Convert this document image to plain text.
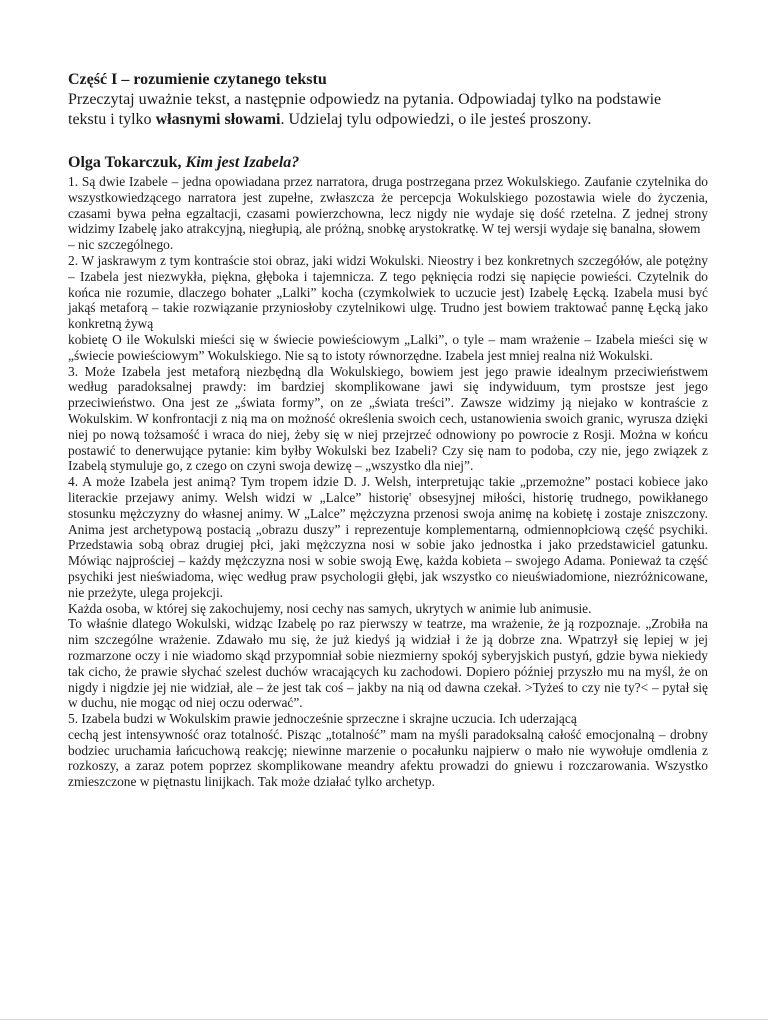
Część I – rozumienie czytanego tekstu

Przeczytaj uważnie tekst, a następnie odpowiedz na pytania. Odpowiadaj tylko na podstawie tekstu i tylko własnymi słowami. Udzielaj tylu odpowiedzi, o ile jesteś proszony.

Olga Tokarczuk, Kim jest Izabela?

1. Są dwie Izabele – jedna opowiadana przez narratora, druga postrzegana przez Wokulskiego. Zaufanie czytelnika do wszystkowiedzącego narratora jest zupełne, zwłaszcza że percepcja Wokulskiego pozostawia wiele do życzenia, czasami bywa pełna egzaltacji, czasami powierzchowna, lecz nigdy nie wydaje się dość rzetelna. Z jednej strony widzimy Izabelę jako atrakcyjną, niegłupią, ale próżną, snobkę arystokratkę. W tej wersji wydaje się banalna, słowem

– nic szczególnego.

2. W jaskrawym z tym kontraście stoi obraz, jaki widzi Wokulski. Nieostry i bez konkretnych szczegółów, ale potężny – Izabela jest niezwykła, piękna, głęboka i tajemnicza. Z tego pęknięcia rodzi się napięcie powieści. Czytelnik do końca nie rozumie, dlaczego bohater „Lalki” kocha (czymkolwiek to uczucie jest) Izabelę Łęcką. Izabela musi być jakąś metaforą – takie rozwiązanie przyniosłoby czytelnikowi ulgę. Trudno jest bowiem traktować pannę Łęcką jako konkretną żywą

kobietę O ile Wokulski mieści się w świecie powieściowym „Lalki”, o tyle – mam wrażenie – Izabela mieści się w „świecie powieściowym” Wokulskiego. Nie są to istoty równorzędne. Izabela jest mniej realna niż Wokulski.

3. Może Izabela jest metaforą niezbędną dla Wokulskiego, bowiem jest jego prawie idealnym przeciwieństwem według paradoksalnej prawdy: im bardziej skomplikowane jawi się indywiduum, tym prostsze jest jego przeciwieństwo. Ona jest ze „świata formy”, on ze „świata treści”. Zawsze widzimy ją niejako w kontraście z Wokulskim. W konfrontacji z nią ma on możność określenia swoich cech, ustanowienia swoich granic, wyrusza dzięki niej po nową tożsamość i wraca do niej, żeby się w niej przejrzeć odnowiony po powrocie z Rosji. Można w końcu postawić to denerwujące pytanie: kim byłby Wokulski bez Izabeli? Czy się nam to podoba, czy nie, jego związek z Izabelą stymuluje go, z czego on czyni swoja dewizę – „wszystko dla niej”.

4. A może Izabela jest animą? Tym tropem idzie D. J. Welsh, interpretując takie „przemożne” postaci kobiece jako literackie przejawy animy. Welsh widzi w „Lalce” historię' obsesyjnej miłości, historię trudnego, powikłanego stosunku mężczyzny do własnej animy. W „Lalce” mężczyzna przenosi swoja animę na kobietę i zostaje zniszczony. Anima jest archetypową postacią „obrazu duszy” i reprezentuje komplementarną, odmiennopłciową część psychiki. Przedstawia sobą obraz drugiej płci, jaki mężczyzna nosi w sobie jako jednostka i jako przedstawiciel gatunku. Mówiąc najprościej – każdy mężczyzna nosi w sobie swoją Ewę, każda kobieta – swojego Adama. Ponieważ ta część psychiki jest nieświadoma, więc według praw psychologii głębi, jak wszystko co nieuświadomione, niezróżnicowane, nie przeżyte, ulega projekcji.

Każda osoba, w której się zakochujemy, nosi cechy nas samych, ukrytych w animie lub animusie.

To właśnie dlatego Wokulski, widząc Izabelę po raz pierwszy w teatrze, ma wrażenie, że ją rozpoznaje. „Zrobiła na nim szczególne wrażenie. Zdawało mu się, że już kiedyś ją widział i że ją dobrze zna. Wpatrzył się lepiej w jej rozmarzone oczy i nie wiadomo skąd przypomniał sobie niezmierny spokój syberyjskich pustyń, gdzie bywa niekiedy tak cicho, że prawie słychać szelest duchów wracających ku zachodowi. Dopiero później przyszło mu na myśl, że on nigdy i nigdzie jej nie widział, ale – że jest tak coś – jakby na nią od dawna czekał. >Tyżeś to czy nie ty?< – pytał się w duchu, nie mogąc od niej oczu oderwać”.

5. Izabela budzi w Wokulskim prawie jednocześnie sprzeczne i skrajne uczucia. Ich uderzającą

cechą jest intensywność oraz totalność. Pisząc „totalność” mam na myśli paradoksalną całość emocjonalną – drobny bodziec uruchamia łańcuchową reakcję; niewinne marzenie o pocałunku najpierw o mało nie wywołuje omdlenia z rozkoszy, a zaraz potem poprzez skomplikowane meandry afektu prowadzi do gniewu i rozczarowania. Wszystko zmieszczone w piętnastu linijkach. Tak może działać tylko archetyp.
